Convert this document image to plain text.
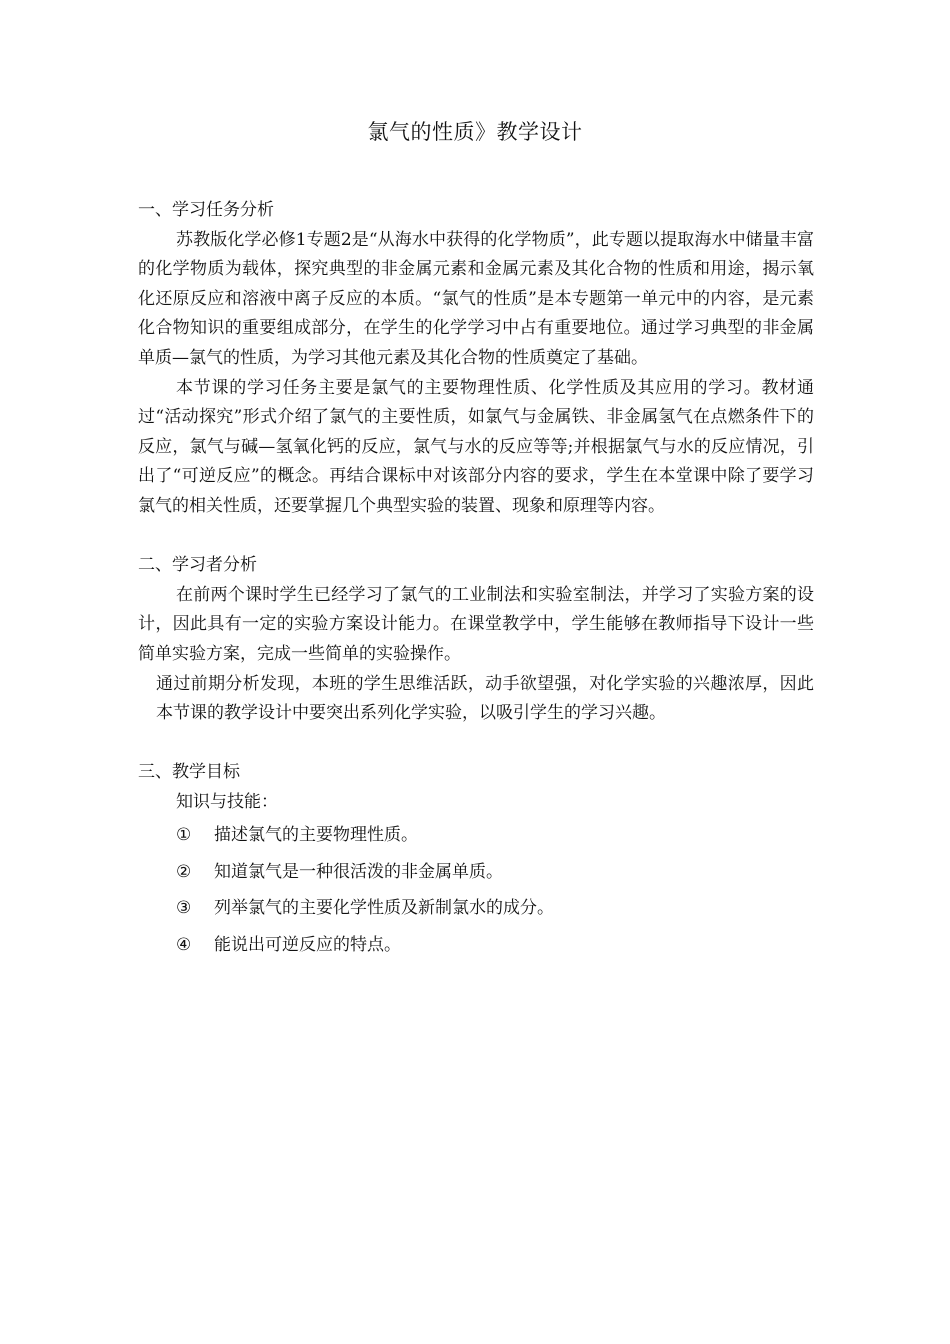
氯气的性质》教学设计

一、学习任务分析

苏教版化学必修1专题2是“从海水中获得的化学物质”，此专题以提取海水中储量丰富的化学物质为载体，探究典型的非金属元素和金属元素及其化合物的性质和用途，揭示氧化还原反应和溶液中离子反应的本质。“氯气的性质”是本专题第一单元中的内容，是元素化合物知识的重要组成部分，在学生的化学学习中占有重要地位。通过学习典型的非金属单质—氯气的性质，为学习其他元素及其化合物的性质奠定了基础。

本节课的学习任务主要是氯气的主要物理性质、化学性质及其应用的学习。教材通过“活动探究”形式介绍了氯气的主要性质，如氯气与金属铁、非金属氢气在点燃条件下的反应，氯气与碱—氢氧化钙的反应，氯气与水的反应等等;并根据氯气与水的反应情况，引出了“可逆反应”的概念。再结合课标中对该部分内容的要求，学生在本堂课中除了要学习氯气的相关性质，还要掌握几个典型实验的装置、现象和原理等内容。

二、学习者分析

在前两个课时学生已经学习了氯气的工业制法和实验室制法，并学习了实验方案的设计，因此具有一定的实验方案设计能力。在课堂教学中，学生能够在教师指导下设计一些简单实验方案，完成一些简单的实验操作。

通过前期分析发现，本班的学生思维活跃，动手欲望强，对化学实验的兴趣浓厚，因此本节课的教学设计中要突出系列化学实验，以吸引学生的学习兴趣。

三、教学目标

知识与技能：

① 描述氯气的主要物理性质。

② 知道氯气是一种很活泼的非金属单质。

③ 列举氯气的主要化学性质及新制氯水的成分。

④ 能说出可逆反应的特点。
